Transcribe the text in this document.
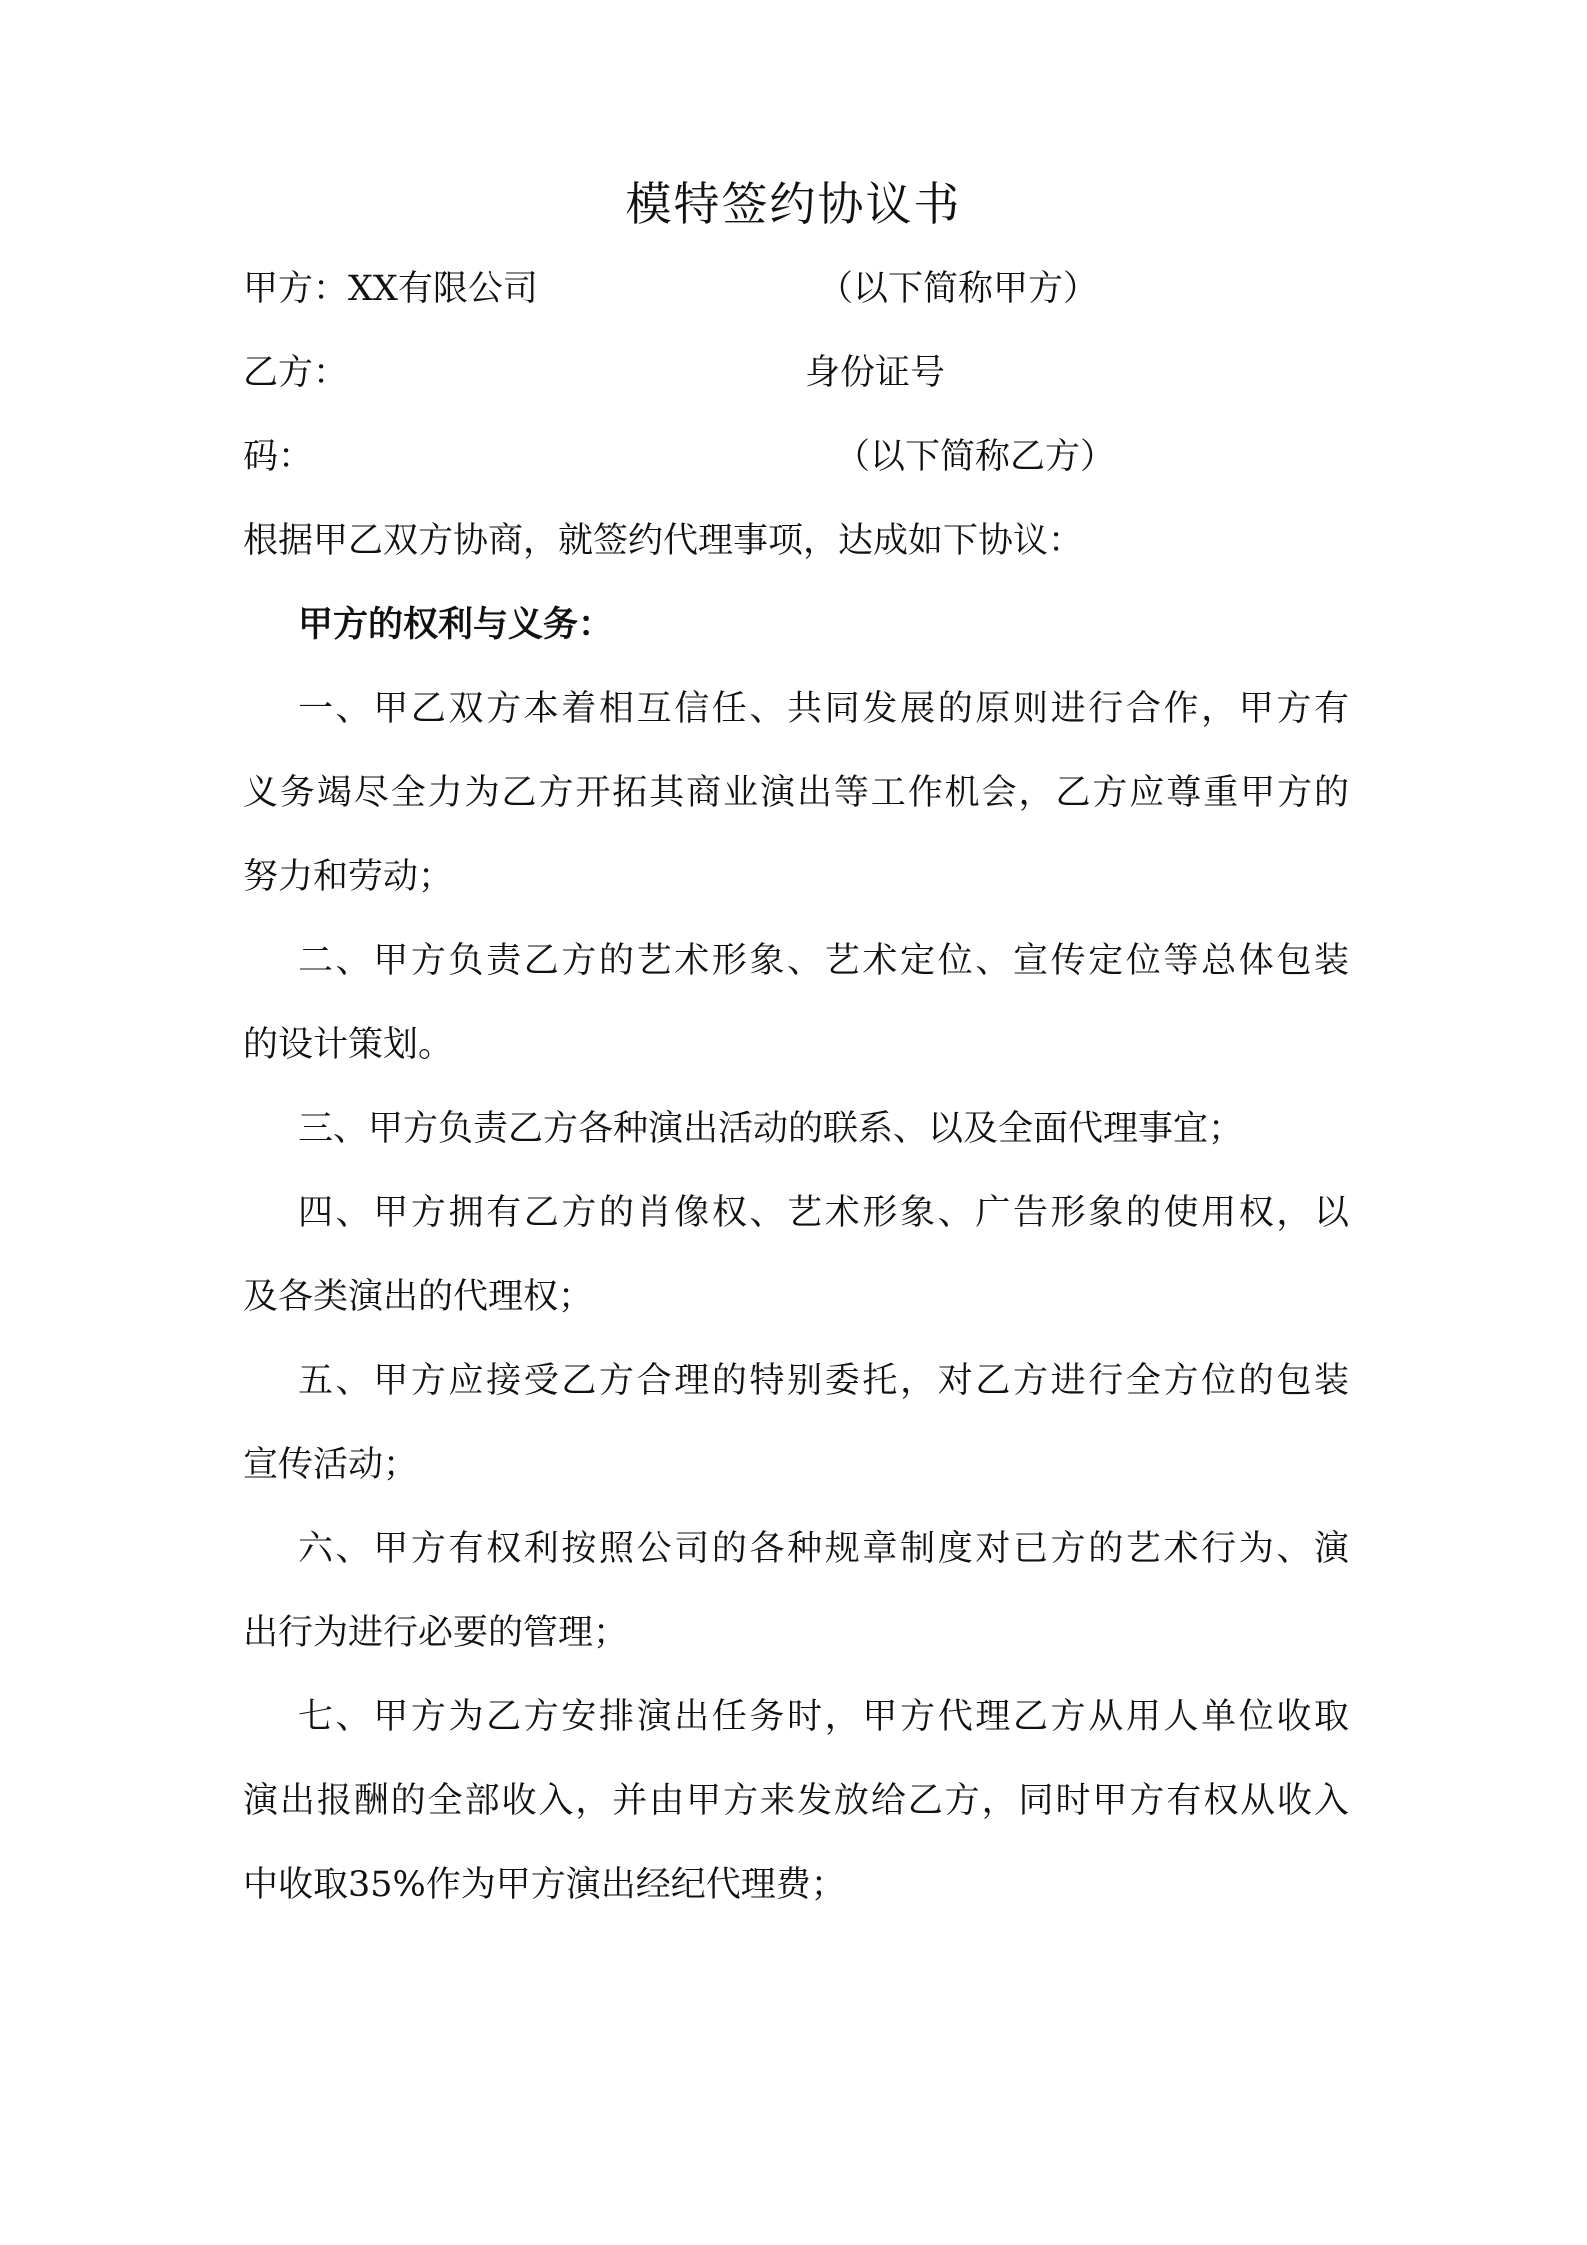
模特签约协议书
甲方：XX有限公司	（以下简称甲方）
乙方：	身份证号
码：	（以下简称乙方）
根据甲乙双方协商，就签约代理事项，达成如下协议：
甲方的权利与义务：
一、甲乙双方本着相互信任、共同发展的原则进行合作，甲方有
义务竭尽全力为乙方开拓其商业演出等工作机会，乙方应尊重甲方的
努力和劳动；
二、甲方负责乙方的艺术形象、艺术定位、宣传定位等总体包装
的设计策划。
三、甲方负责乙方各种演出活动的联系、以及全面代理事宜；
四、甲方拥有乙方的肖像权、艺术形象、广告形象的使用权，以
及各类演出的代理权；
五、甲方应接受乙方合理的特别委托，对乙方进行全方位的包装
宣传活动；
六、甲方有权利按照公司的各种规章制度对已方的艺术行为、演
出行为进行必要的管理；
七、甲方为乙方安排演出任务时，甲方代理乙方从用人单位收取
演出报酬的全部收入，并由甲方来发放给乙方，同时甲方有权从收入
中收取35%作为甲方演出经纪代理费；
